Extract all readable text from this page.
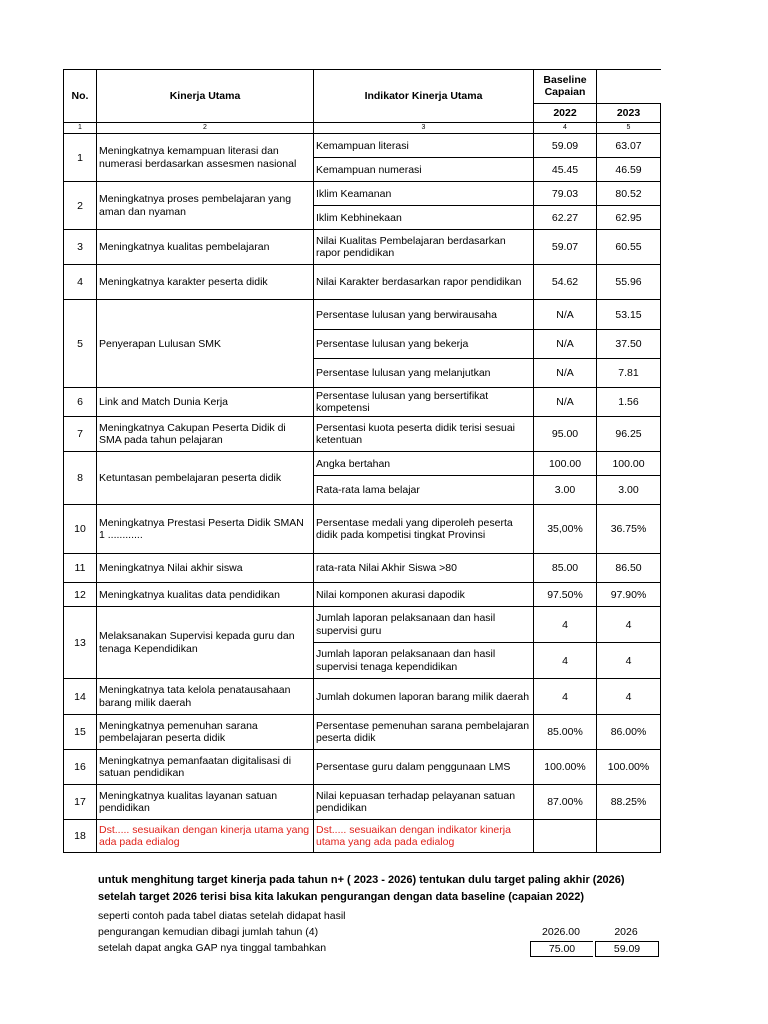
No.	Kinerja Utama	Indikator Kinerja Utama	Baseline Capaian	
			2022	2023
1	2	3	4	5
1	Meningkatnya kemampuan literasi dan numerasi berdasarkan assesmen nasional	Kemampuan literasi	59.09	63.07
		Kemampuan numerasi	45.45	46.59
2	Meningkatnya proses pembelajaran yang aman dan nyaman	Iklim Keamanan	79.03	80.52
		Iklim Kebhinekaan	62.27	62.95
3	Meningkatnya kualitas pembelajaran	Nilai Kualitas Pembelajaran berdasarkan rapor pendidikan	59.07	60.55
4	Meningkatnya karakter peserta didik	Nilai Karakter berdasarkan rapor pendidikan	54.62	55.96
5	Penyerapan Lulusan SMK	Persentase lulusan yang berwirausaha	N/A	53.15
		Persentase lulusan yang bekerja	N/A	37.50
		Persentase lulusan yang melanjutkan	N/A	7.81
6	Link and Match Dunia Kerja	Persentase lulusan yang bersertifikat kompetensi	N/A	1.56
7	Meningkatnya Cakupan Peserta Didik di SMA pada tahun pelajaran	Persentasi kuota peserta didik terisi sesuai ketentuan	95.00	96.25
8	Ketuntasan pembelajaran peserta didik	Angka bertahan	100.00	100.00
		Rata-rata lama belajar	3.00	3.00
10	Meningkatnya Prestasi Peserta Didik SMAN 1 ............	Persentase medali yang diperoleh peserta didik pada kompetisi tingkat Provinsi	35,00%	36.75%
11	Meningkatnya Nilai akhir siswa	rata-rata Nilai Akhir Siswa >80	85.00	86.50
12	Meningkatnya kualitas data pendidikan	Nilai komponen akurasi dapodik	97.50%	97.90%
13	Melaksanakan Supervisi kepada guru dan tenaga Kependidikan	Jumlah laporan pelaksanaan dan hasil supervisi guru	4	4
		Jumlah laporan pelaksanaan dan hasil supervisi tenaga kependidikan	4	4
14	Meningkatnya tata kelola penatausahaan barang milik daerah	Jumlah dokumen laporan barang milik daerah	4	4
15	Meningkatnya pemenuhan sarana pembelajaran peserta didik	Persentase pemenuhan sarana pembelajaran peserta didik	85.00%	86.00%
16	Meningkatnya pemanfaatan digitalisasi di satuan pendidikan	Persentase guru dalam penggunaan LMS	100.00%	100.00%
17	Meningkatnya kualitas layanan satuan pendidikan	Nilai kepuasan terhadap pelayanan satuan pendidikan	87.00%	88.25%
18	Dst..... sesuaikan dengan kinerja utama yang ada pada edialog	Dst..... sesuaikan dengan indikator kinerja utama yang ada pada edialog		
untuk menghitung target kinerja pada tahun n+ ( 2023 - 2026) tentukan dulu target paling akhir (2026)
setelah target 2026 terisi bisa kita lakukan pengurangan dengan data baseline (capaian 2022)
seperti contoh pada tabel diatas setelah didapat hasil
pengurangan kemudian dibagi jumlah tahun (4)	2026.00	2026
setelah dapat angka GAP nya tinggal tambahkan	75.00	59.09
